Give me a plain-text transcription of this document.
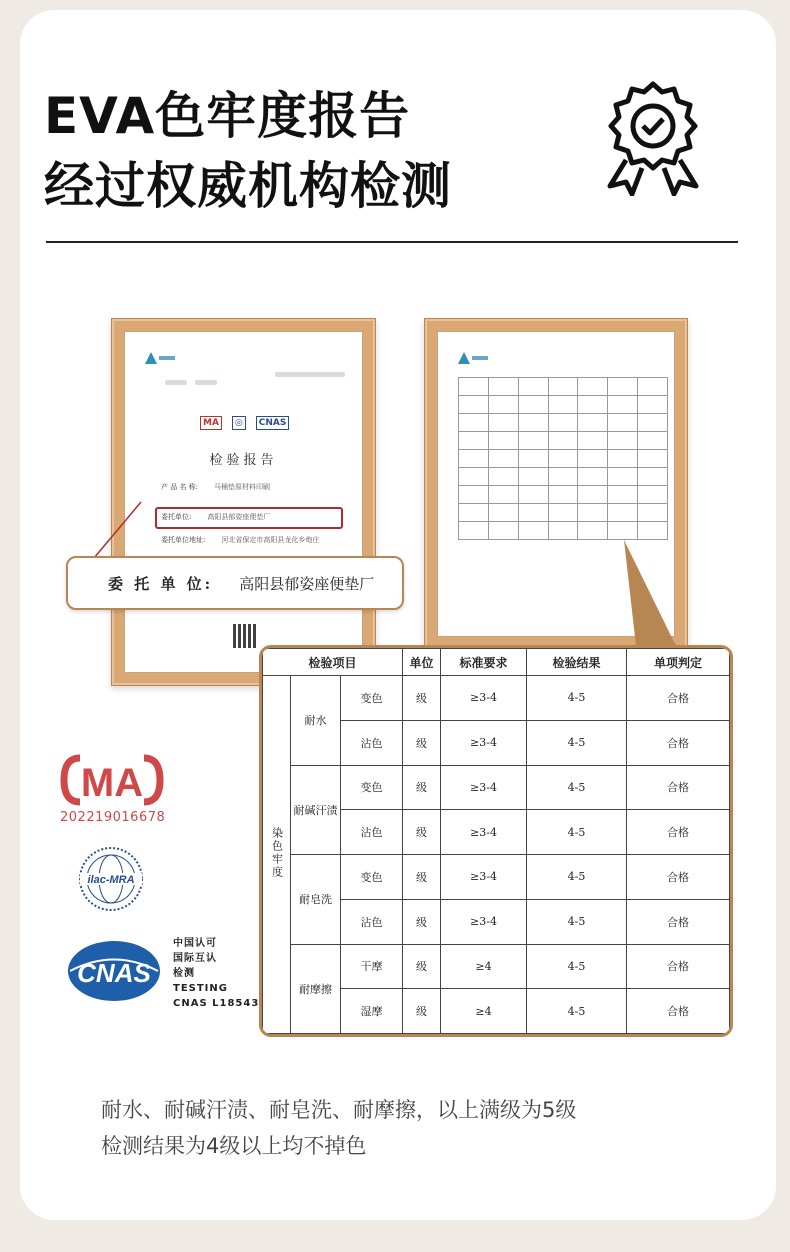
EVA色牢度报告
经过权威机构检测
MA	◎	CNAS
检验报告
产 品 名 称: 马桶垫原材料印刷
委托单位: 高阳县郁姿座便垫厂
委托单位地址: 河北省保定市高阳县龙化乡炮庄

委 托 单 位: 高阳县郁姿座便垫厂
检验项目			单位	标准要求	检验结果	单项判定
染色牢度	耐水	变色	级	≥3-4	4-5	合格
		沾色	级	≥3-4	4-5	合格
	耐碱汗渍	变色	级	≥3-4	4-5	合格
		沾色	级	≥3-4	4-5	合格
	耐皂洗	变色	级	≥3-4	4-5	合格
		沾色	级	≥3-4	4-5	合格
	耐摩擦	干摩	级	≥4	4-5	合格
		湿摩	级	≥4	4-5	合格
MA
202219016678
ilac-MRA
CNAS
中国认可
国际互认
检测
TESTING
CNAS L18543
耐水、耐碱汗渍、耐皂洗、耐摩擦，以上满级为5级
检测结果为4级以上均不掉色
